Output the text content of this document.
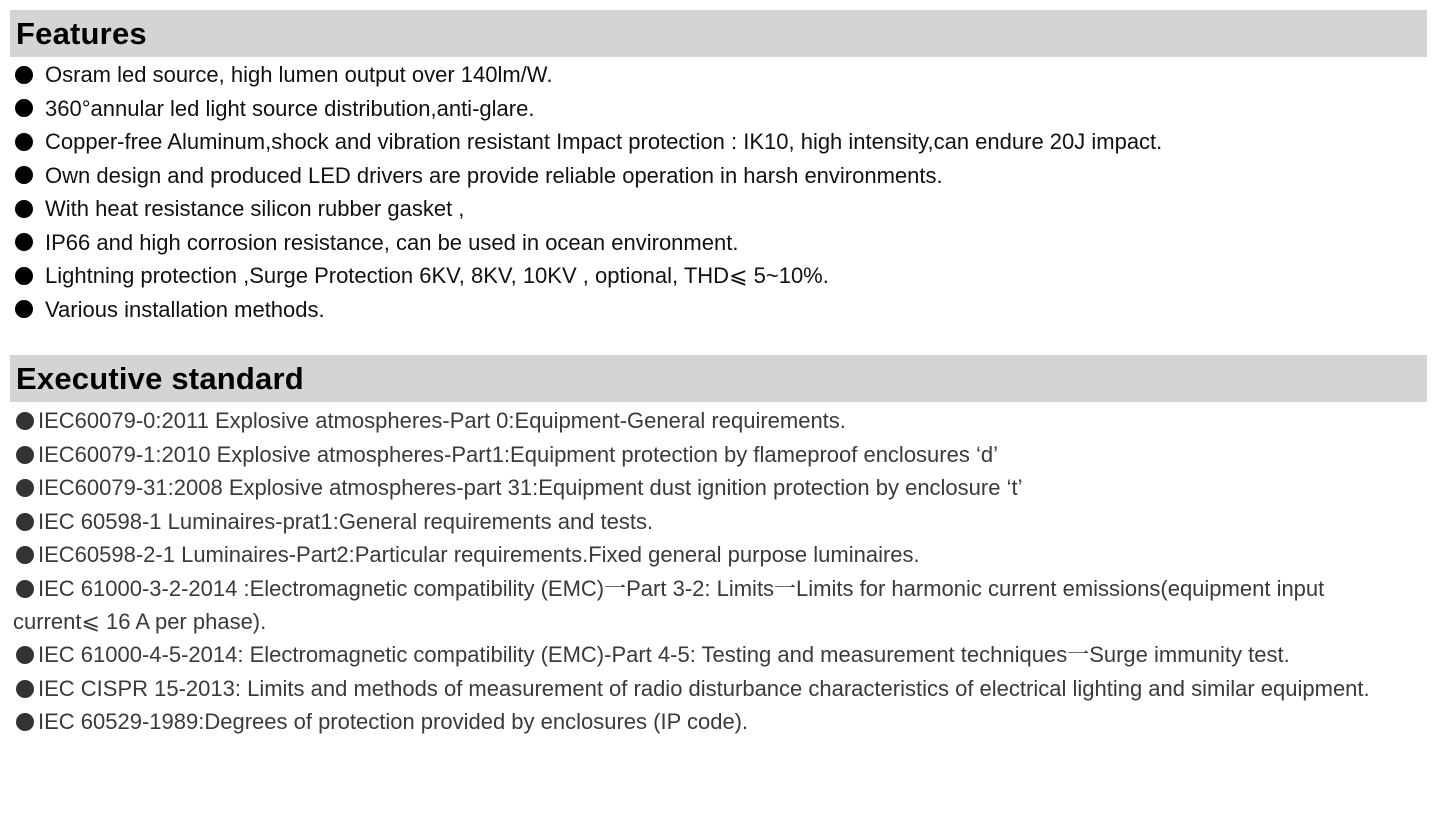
Features
Osram led source, high lumen output over 140lm/W.
360°annular led light source distribution,anti-glare.
Copper-free Aluminum,shock and vibration resistant Impact protection : IK10, high intensity,can endure 20J impact.
Own design and produced LED drivers are provide reliable operation in harsh environments.
With heat resistance silicon rubber gasket ,
IP66 and high corrosion resistance, can be used in ocean environment.
Lightning protection ,Surge Protection 6KV, 8KV, 10KV , optional, THD⩽ 5~10%.
Various installation methods.
Executive standard
IEC60079-0:2011 Explosive atmospheres-Part 0:Equipment-General requirements.
IEC60079-1:2010 Explosive atmospheres-Part1:Equipment protection by flameproof enclosures ‘d’
IEC60079-31:2008 Explosive atmospheres-part 31:Equipment dust ignition protection by enclosure ‘t’
IEC 60598-1 Luminaires-prat1:General requirements and tests.
IEC60598-2-1 Luminaires-Part2:Particular requirements.Fixed general purpose luminaires.
IEC 61000-3-2-2014 :Electromagnetic compatibility (EMC)一Part 3-2: Limits一Limits for harmonic current emissions(equipment input current⩽ 16 A per phase).
IEC 61000-4-5-2014: Electromagnetic compatibility (EMC)-Part 4-5: Testing and measurement techniques一Surge immunity test.
IEC CISPR 15-2013: Limits and methods of measurement of radio disturbance characteristics of electrical lighting and similar equipment.
IEC 60529-1989:Degrees of protection provided by enclosures (IP code).
